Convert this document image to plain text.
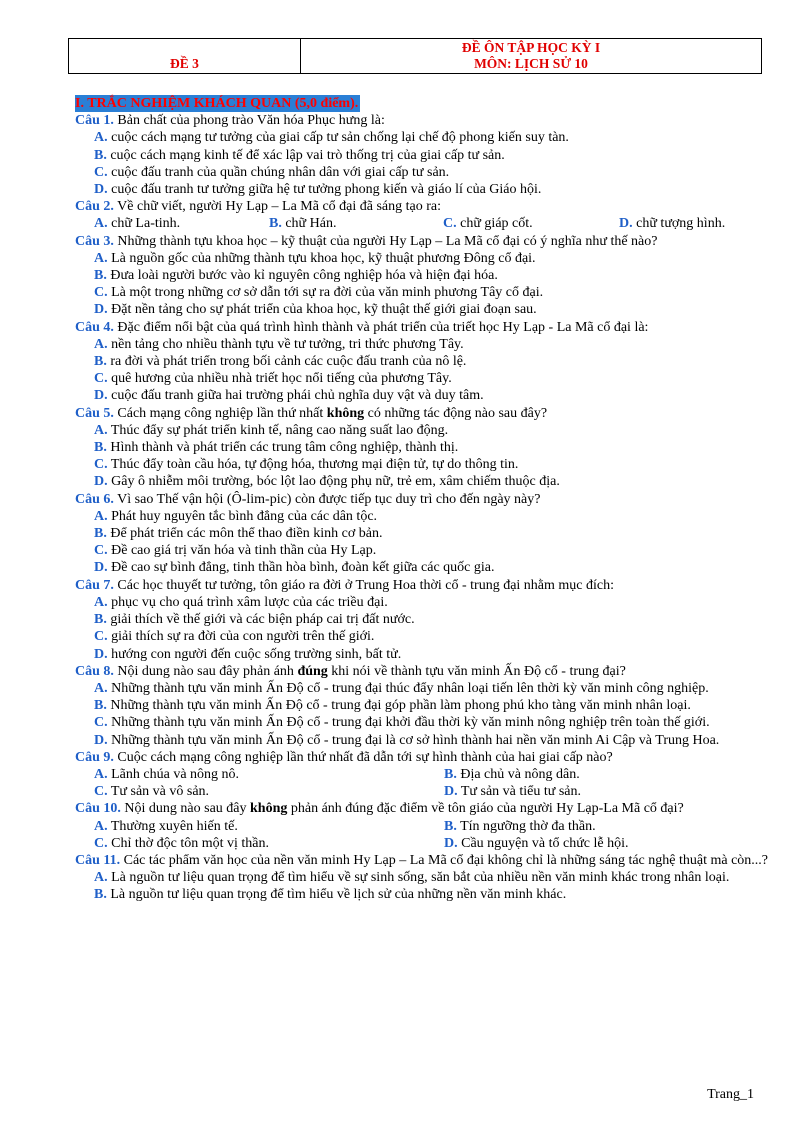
ĐỀ 3
ĐỀ ÔN TẬP HỌC KỲ I
MÔN: LỊCH SỬ 10
I. TRẮC NGHIỆM KHÁCH QUAN (5,0 điểm).

Câu 1. Bản chất của phong trào Văn hóa Phục hưng là:

A. cuộc cách mạng tư tưởng của giai cấp tư sản chống lại chế độ phong kiến suy tàn.

B. cuộc cách mạng kinh tế để xác lập vai trò thống trị của giai cấp tư sản.

C. cuộc đấu tranh của quần chúng nhân dân với giai cấp tư sản.

D. cuộc đấu tranh tư tưởng giữa hệ tư tưởng phong kiến và giáo lí của Giáo hội.

Câu 2. Về chữ viết, người Hy Lạp – La Mã cổ đại đã sáng tạo ra:

A. chữ La-tinh.	B. chữ Hán.	C. chữ giáp cốt.	D. chữ tượng hình.

Câu 3. Những thành tựu khoa học – kỹ thuật của người Hy Lạp – La Mã cổ đại có ý nghĩa như thế nào?

A. Là nguồn gốc của những thành tựu khoa học, kỹ thuật phương Đông cổ đại.

B. Đưa loài người bước vào kỉ nguyên công nghiệp hóa và hiện đại hóa.

C. Là một trong những cơ sở dẫn tới sự ra đời của văn minh phương Tây cổ đại.

D. Đặt nền tảng cho sự phát triển của khoa học, kỹ thuật thế giới giai đoạn sau.

Câu 4. Đặc điểm nổi bật của quá trình hình thành và phát triển của triết học Hy Lạp - La Mã cổ đại là:

A. nền tảng cho nhiều thành tựu về tư tưởng, tri thức phương Tây.

B. ra đời và phát triển trong bối cảnh các cuộc đấu tranh của nô lệ.

C. quê hương của nhiều nhà triết học nổi tiếng của phương Tây.

D. cuộc đấu tranh giữa hai trường phái chủ nghĩa duy vật và duy tâm.

Câu 5. Cách mạng công nghiệp lần thứ nhất không có những tác động nào sau đây?

A. Thúc đẩy sự phát triển kinh tế, nâng cao năng suất lao động.

B. Hình thành và phát triển các trung tâm công nghiệp, thành thị.

C. Thúc đẩy toàn cầu hóa, tự động hóa, thương mại điện tử, tự do thông tin.

D. Gây ô nhiễm môi trường, bóc lột lao động phụ nữ, trẻ em, xâm chiếm thuộc địa.

Câu 6. Vì sao Thế vận hội (Ô-lim-pic) còn được tiếp tục duy trì cho đến ngày này?

A. Phát huy nguyên tắc bình đẳng của các dân tộc.

B. Để phát triển các môn thể thao điền kinh cơ bản.

C. Đề cao giá trị văn hóa và tinh thần của Hy Lạp.

D. Đề cao sự bình đẳng, tinh thần hòa bình, đoàn kết giữa các quốc gia.

Câu 7. Các học thuyết tư tưởng, tôn giáo ra đời ở Trung Hoa thời cổ - trung đại nhằm mục đích:

A. phục vụ cho quá trình xâm lược của các triều đại.

B. giải thích về thế giới và các biện pháp cai trị đất nước.

C. giải thích sự ra đời của con người trên thế giới.

D. hướng con người đến cuộc sống trường sinh, bất tử.

Câu 8. Nội dung nào sau đây phản ánh đúng khi nói về thành tựu văn minh Ấn Độ cổ - trung đại?

A. Những thành tựu văn minh Ấn Độ cổ - trung đại thúc đẩy nhân loại tiến lên thời kỳ văn minh công nghiệp.

B. Những thành tựu văn minh Ấn Độ cổ - trung đại góp phần làm phong phú kho tàng văn minh nhân loại.

C. Những thành tựu văn minh Ấn Độ cổ - trung đại khởi đầu thời kỳ văn minh nông nghiệp trên toàn thế giới.

D. Những thành tựu văn minh Ấn Độ cổ - trung đại là cơ sở hình thành hai nền văn minh Ai Cập và Trung Hoa.

Câu 9. Cuộc cách mạng công nghiệp lần thứ nhất đã dẫn tới sự hình thành của hai giai cấp nào?

A. Lãnh chúa và nông nô.	B. Địa chủ và nông dân.
C. Tư sản và vô sản.	D. Tư sản và tiểu tư sản.

Câu 10. Nội dung nào sau đây không phản ánh đúng đặc điểm về tôn giáo của người Hy Lạp-La Mã cổ đại?

A. Thường xuyên hiến tế.	B. Tín ngưỡng thờ đa thần.
C. Chỉ thờ độc tôn một vị thần.	D. Cầu nguyện và tổ chức lễ hội.

Câu 11. Các tác phẩm văn học của nền văn minh Hy Lạp – La Mã cổ đại không chỉ là những sáng tác nghệ thuật mà còn...?

A. Là nguồn tư liệu quan trọng để tìm hiểu về sự sinh sống, săn bắt của nhiều nền văn minh khác trong nhân loại.

B. Là nguồn tư liệu quan trọng để tìm hiểu về lịch sử của những nền văn minh khác.

Trang_1
